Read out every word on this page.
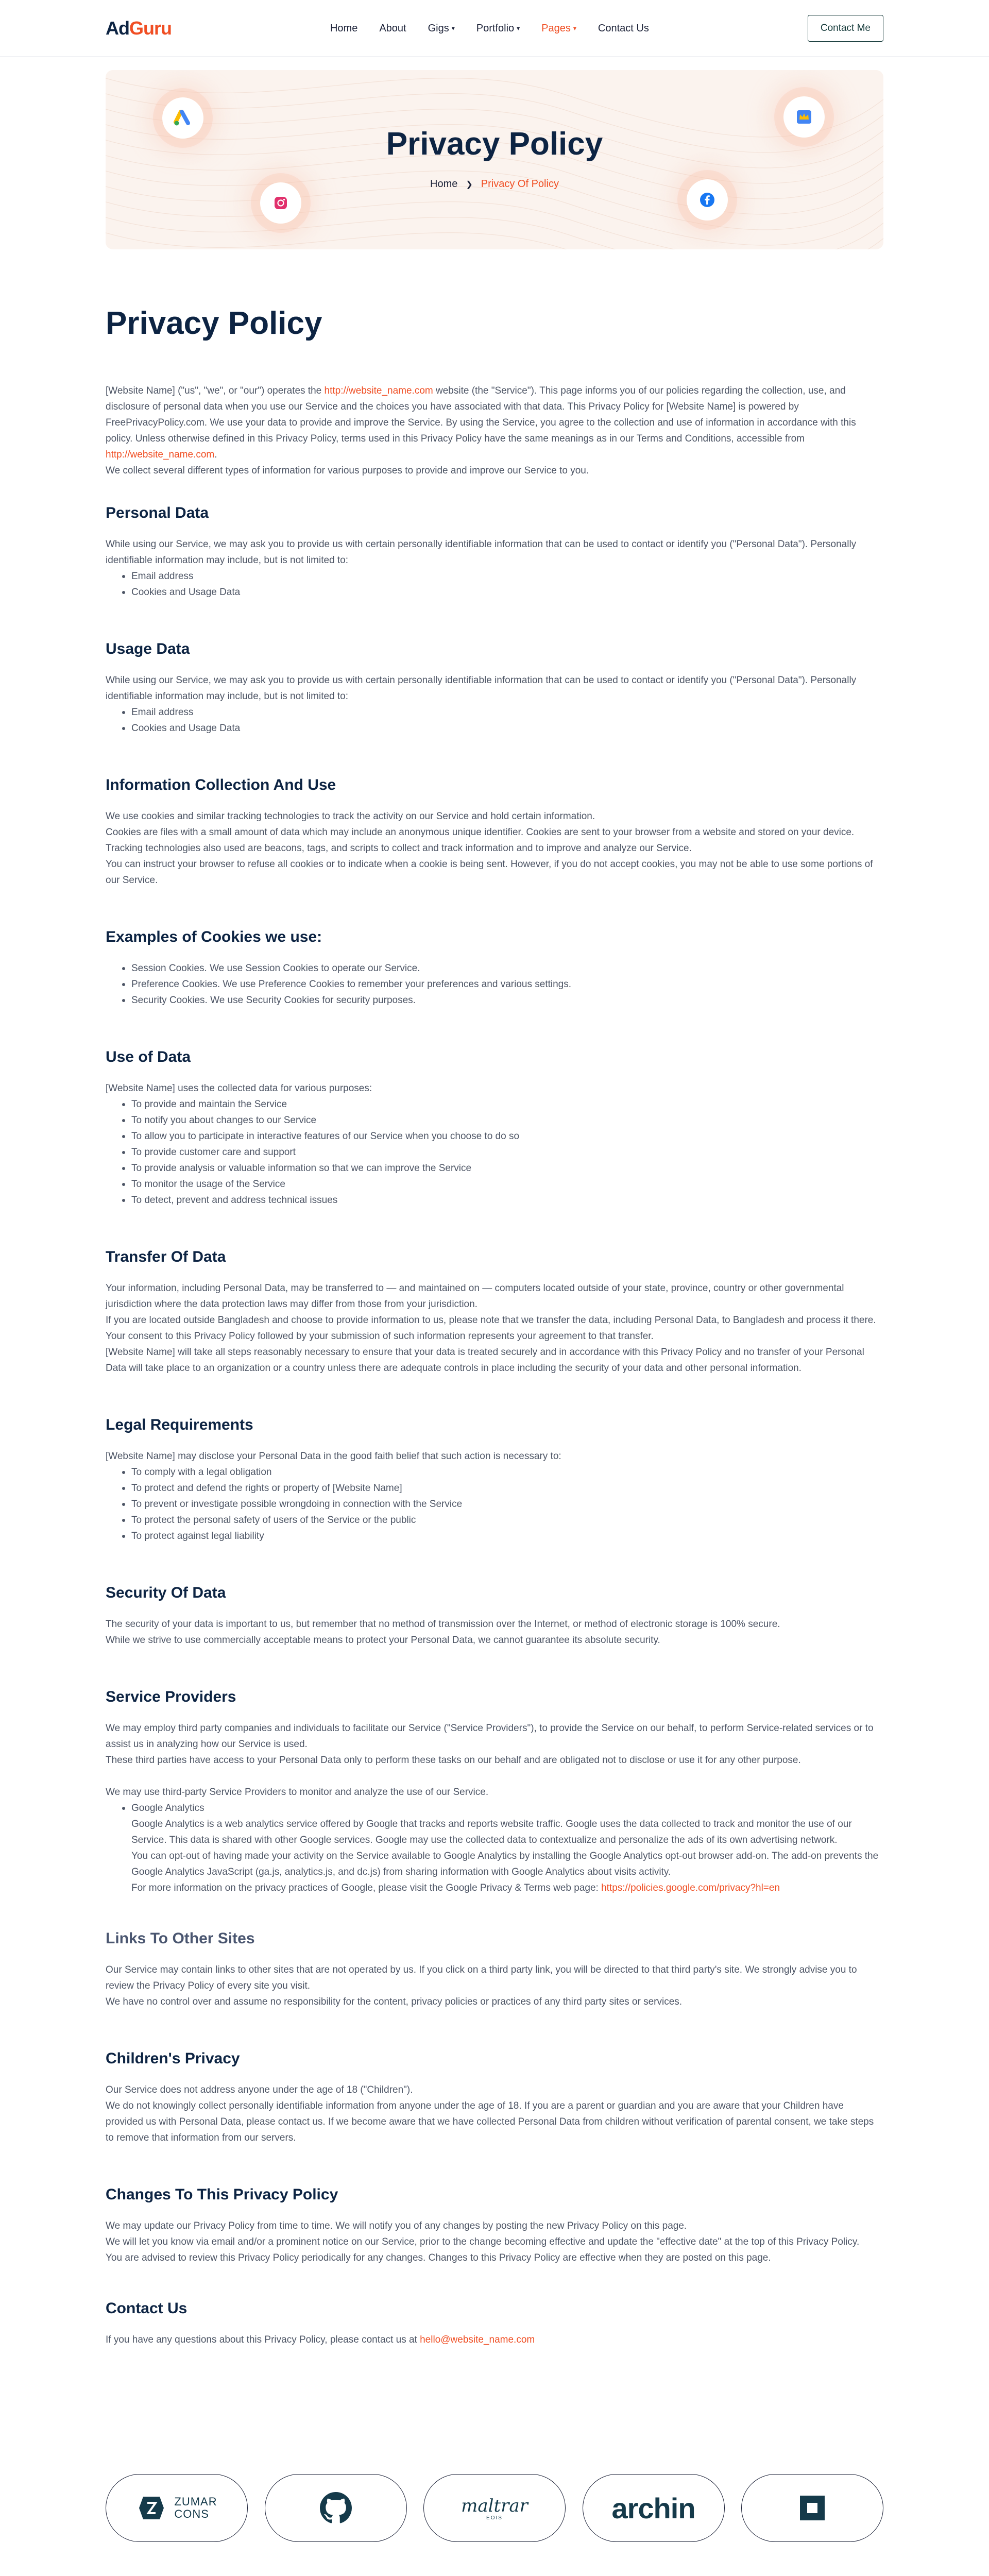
AdGuru	Home About Gigs ▾ Portfolio ▾ Pages ▾ Contact Us	Contact Me
Privacy Policy
Home ❯ Privacy Of Policy
Privacy Policy

[Website Name] ("us", "we", or "our") operates the http://website_name.com website (the "Service"). This page informs you of our policies regarding the collection, use, and disclosure of personal data when you use our Service and the choices you have associated with that data. This Privacy Policy for [Website Name] is powered by FreePrivacyPolicy.com. We use your data to provide and improve the Service. By using the Service, you agree to the collection and use of information in accordance with this policy. Unless otherwise defined in this Privacy Policy, terms used in this Privacy Policy have the same meanings as in our Terms and Conditions, accessible from http://website_name.com.

We collect several different types of information for various purposes to provide and improve our Service to you.

Personal Data

While using our Service, we may ask you to provide us with certain personally identifiable information that can be used to contact or identify you ("Personal Data"). Personally identifiable information may include, but is not limited to:

Email address
Cookies and Usage Data
Usage Data

While using our Service, we may ask you to provide us with certain personally identifiable information that can be used to contact or identify you ("Personal Data"). Personally identifiable information may include, but is not limited to:

Email address
Cookies and Usage Data
Information Collection And Use

We use cookies and similar tracking technologies to track the activity on our Service and hold certain information.

Cookies are files with a small amount of data which may include an anonymous unique identifier. Cookies are sent to your browser from a website and stored on your device. Tracking technologies also used are beacons, tags, and scripts to collect and track information and to improve and analyze our Service.

You can instruct your browser to refuse all cookies or to indicate when a cookie is being sent. However, if you do not accept cookies, you may not be able to use some portions of our Service.

Examples of Cookies we use:
Session Cookies. We use Session Cookies to operate our Service.
Preference Cookies. We use Preference Cookies to remember your preferences and various settings.
Security Cookies. We use Security Cookies for security purposes.
Use of Data

[Website Name] uses the collected data for various purposes:

To provide and maintain the Service
To notify you about changes to our Service
To allow you to participate in interactive features of our Service when you choose to do so
To provide customer care and support
To provide analysis or valuable information so that we can improve the Service
To monitor the usage of the Service
To detect, prevent and address technical issues
Transfer Of Data

Your information, including Personal Data, may be transferred to — and maintained on — computers located outside of your state, province, country or other governmental jurisdiction where the data protection laws may differ from those from your jurisdiction.

If you are located outside Bangladesh and choose to provide information to us, please note that we transfer the data, including Personal Data, to Bangladesh and process it there.

Your consent to this Privacy Policy followed by your submission of such information represents your agreement to that transfer.

[Website Name] will take all steps reasonably necessary to ensure that your data is treated securely and in accordance with this Privacy Policy and no transfer of your Personal Data will take place to an organization or a country unless there are adequate controls in place including the security of your data and other personal information.

Legal Requirements

[Website Name] may disclose your Personal Data in the good faith belief that such action is necessary to:

To comply with a legal obligation
To protect and defend the rights or property of [Website Name]
To prevent or investigate possible wrongdoing in connection with the Service
To protect the personal safety of users of the Service or the public
To protect against legal liability
Security Of Data

The security of your data is important to us, but remember that no method of transmission over the Internet, or method of electronic storage is 100% secure.

While we strive to use commercially acceptable means to protect your Personal Data, we cannot guarantee its absolute security.

Service Providers

We may employ third party companies and individuals to facilitate our Service ("Service Providers"), to provide the Service on our behalf, to perform Service-related services or to assist us in analyzing how our Service is used.

These third parties have access to your Personal Data only to perform these tasks on our behalf and are obligated not to disclose or use it for any other purpose.

We may use third-party Service Providers to monitor and analyze the use of our Service.

Google Analytics

Google Analytics is a web analytics service offered by Google that tracks and reports website traffic. Google uses the data collected to track and monitor the use of our Service. This data is shared with other Google services. Google may use the collected data to contextualize and personalize the ads of its own advertising network.

You can opt-out of having made your activity on the Service available to Google Analytics by installing the Google Analytics opt-out browser add-on. The add-on prevents the Google Analytics JavaScript (ga.js, analytics.js, and dc.js) from sharing information with Google Analytics about visits activity.

For more information on the privacy practices of Google, please visit the Google Privacy & Terms web page: https://policies.google.com/privacy?hl=en

Links To Other Sites

Our Service may contain links to other sites that are not operated by us. If you click on a third party link, you will be directed to that third party's site. We strongly advise you to review the Privacy Policy of every site you visit.

We have no control over and assume no responsibility for the content, privacy policies or practices of any third party sites or services.

Children's Privacy

Our Service does not address anyone under the age of 18 ("Children").

We do not knowingly collect personally identifiable information from anyone under the age of 18. If you are a parent or guardian and you are aware that your Children have provided us with Personal Data, please contact us. If we become aware that we have collected Personal Data from children without verification of parental consent, we take steps to remove that information from our servers.

Changes To This Privacy Policy

We may update our Privacy Policy from time to time. We will notify you of any changes by posting the new Privacy Policy on this page.

We will let you know via email and/or a prominent notice on our Service, prior to the change becoming effective and update the "effective date" at the top of this Privacy Policy.

You are advised to review this Privacy Policy periodically for any changes. Changes to this Privacy Policy are effective when they are posted on this page.

Contact Us

If you have any questions about this Privacy Policy, please contact us at hello@website_name.com

ZUMAR
CONS	maltrar
EOIS	archin
